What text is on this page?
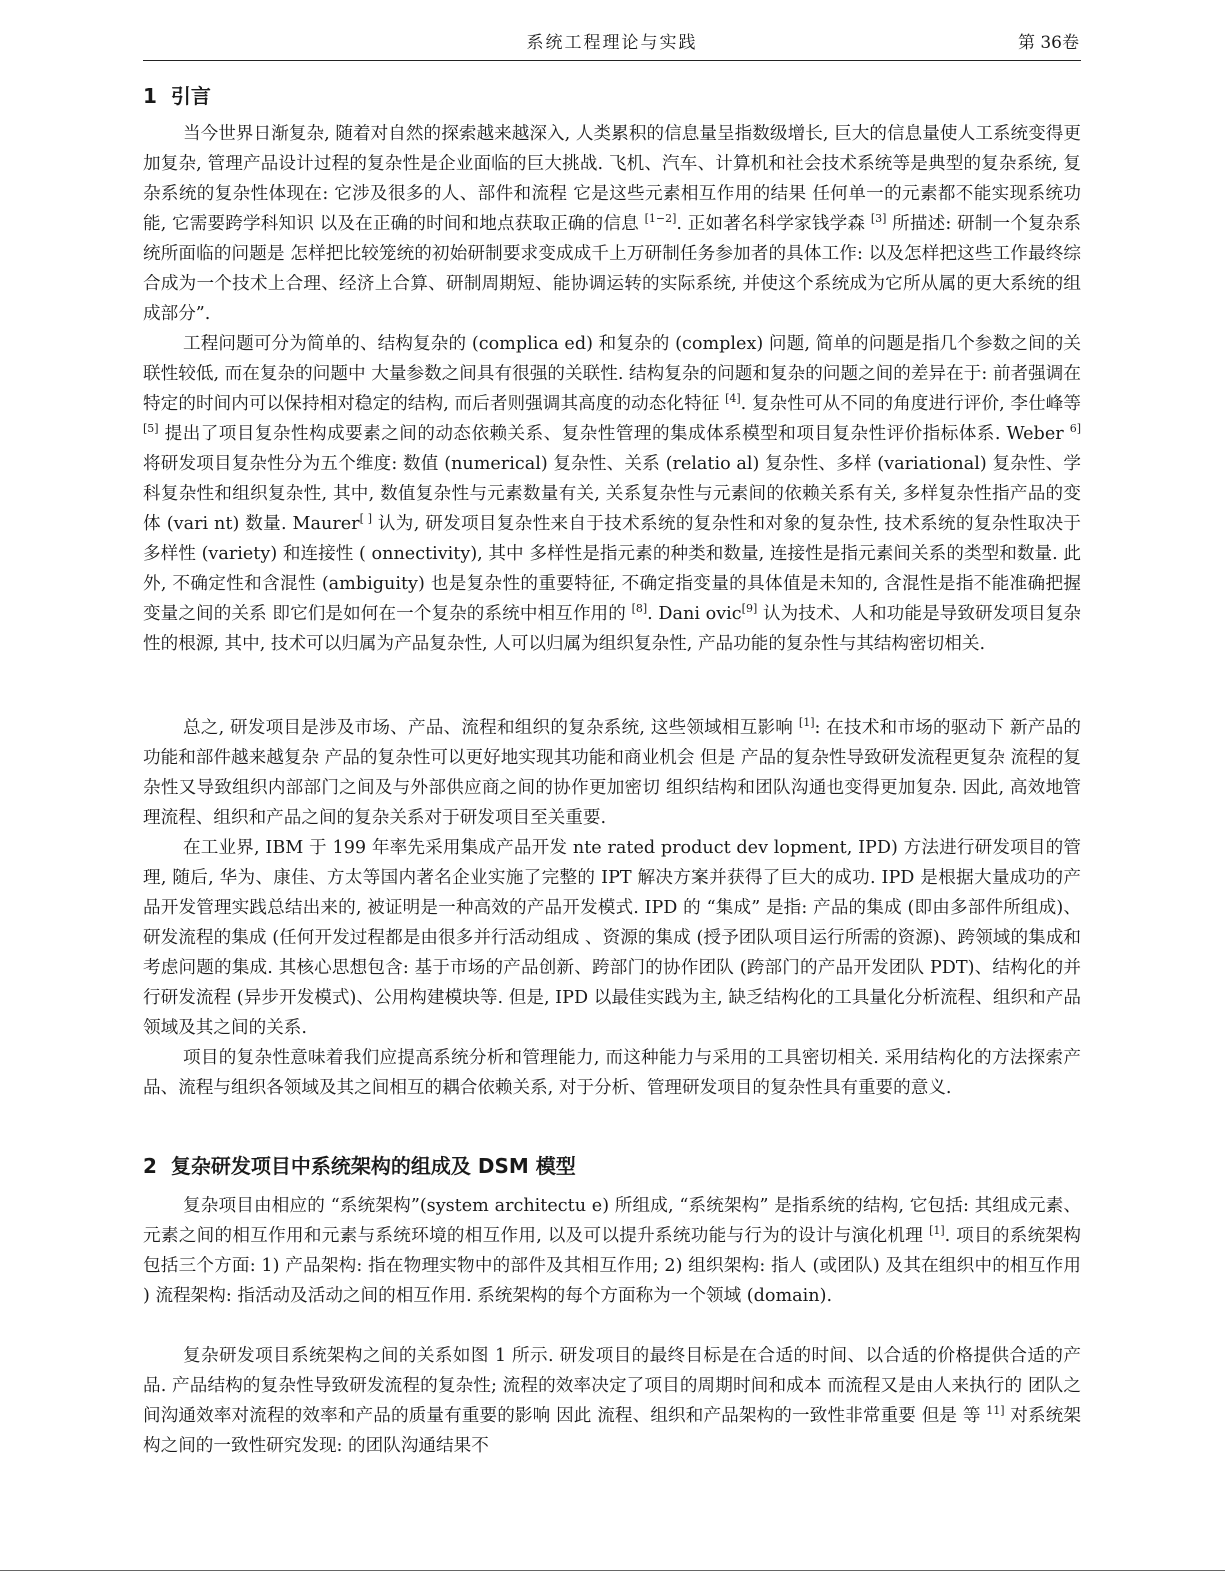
系统工程理论与实践	第 36卷
1 引言

当今世界日渐复杂, 随着对自然的探索越来越深入, 人类累积的信息量呈指数级增长, 巨大的信息量使人工系统变得更加复杂, 管理产品设计过程的复杂性是企业面临的巨大挑战. 飞机、汽车、计算机和社会技术系统等是典型的复杂系统, 复杂系统的复杂性体现在: 它涉及很多的人、部件和流程 它是这些元素相互作用的结果 任何单一的元素都不能实现系统功能, 它需要跨学科知识 以及在正确的时间和地点获取正确的信息 [1−2]. 正如著名科学家钱学森 [3] 所描述: 研制一个复杂系统所面临的问题是 怎样把比较笼统的初始研制要求变成成千上万研制任务参加者的具体工作: 以及怎样把这些工作最终综合成为一个技术上合理、经济上合算、研制周期短、能协调运转的实际系统, 并使这个系统成为它所从属的更大系统的组成部分”.

工程问题可分为简单的、结构复杂的 (complica ed) 和复杂的 (complex) 问题, 简单的问题是指几个参数之间的关联性较低, 而在复杂的问题中 大量参数之间具有很强的关联性. 结构复杂的问题和复杂的问题之间的差异在于: 前者强调在特定的时间内可以保持相对稳定的结构, 而后者则强调其高度的动态化特征 [4]. 复杂性可从不同的角度进行评价, 李仕峰等 [5] 提出了项目复杂性构成要素之间的动态依赖关系、复杂性管理的集成体系模型和项目复杂性评价指标体系. Weber $^{6]}$ 将研发项目复杂性分为五个维度: 数值 (numerical) 复杂性、关系 (relatio al) 复杂性、多样 (variational) 复杂性、学科复杂性和组织复杂性, 其中, 数值复杂性与元素数量有关, 关系复杂性与元素间的依赖关系有关, 多样复杂性指产品的变体 (vari nt) 数量. Maurer[ ] 认为, 研发项目复杂性来自于技术系统的复杂性和对象的复杂性, 技术系统的复杂性取决于多样性 (variety) 和连接性 ( onnectivity), 其中 多样性是指元素的种类和数量, 连接性是指元素间关系的类型和数量. 此外, 不确定性和含混性 (ambiguity) 也是复杂性的重要特征, 不确定指变量的具体值是未知的, 含混性是指不能准确把握变量之间的关系 即它们是如何在一个复杂的系统中相互作用的 [8]. Dani ovic[9] 认为技术、人和功能是导致研发项目复杂性的根源, 其中, 技术可以归属为产品复杂性, 人可以归属为组织复杂性, 产品功能的复杂性与其结构密切相关.

总之, 研发项目是涉及市场、产品、流程和组织的复杂系统, 这些领域相互影响 [1]: 在技术和市场的驱动下 新产品的功能和部件越来越复杂 产品的复杂性可以更好地实现其功能和商业机会 但是 产品的复杂性导致研发流程更复杂 流程的复杂性又导致组织内部部门之间及与外部供应商之间的协作更加密切 组织结构和团队沟通也变得更加复杂. 因此, 高效地管理流程、组织和产品之间的复杂关系对于研发项目至关重要.

在工业界, IBM 于 199 年率先采用集成产品开发 nte rated product dev lopment, IPD) 方法进行研发项目的管理, 随后, 华为、康佳、方太等国内著名企业实施了完整的 IPT 解决方案并获得了巨大的成功. IPD 是根据大量成功的产品开发管理实践总结出来的, 被证明是一种高效的产品开发模式. IPD 的 “集成” 是指: 产品的集成 (即由多部件所组成)、研发流程的集成 (任何开发过程都是由很多并行活动组成 、资源的集成 (授予团队项目运行所需的资源)、跨领域的集成和考虑问题的集成. 其核心思想包含: 基于市场的产品创新、跨部门的协作团队 (跨部门的产品开发团队 PDT)、结构化的并行研发流程 (异步开发模式)、公用构建模块等. 但是, IPD 以最佳实践为主, 缺乏结构化的工具量化分析流程、组织和产品领域及其之间的关系.

项目的复杂性意味着我们应提高系统分析和管理能力, 而这种能力与采用的工具密切相关. 采用结构化的方法探索产品、流程与组织各领域及其之间相互的耦合依赖关系, 对于分析、管理研发项目的复杂性具有重要的意义.

2 复杂研发项目中系统架构的组成及 DSM 模型

复杂项目由相应的 “系统架构”(system architectu e) 所组成, “系统架构” 是指系统的结构, 它包括: 其组成元素、元素之间的相互作用和元素与系统环境的相互作用, 以及可以提升系统功能与行为的设计与演化机理 [1]. 项目的系统架构包括三个方面: 1) 产品架构: 指在物理实物中的部件及其相互作用; 2) 组织架构: 指人 (或团队) 及其在组织中的相互作用 ) 流程架构: 指活动及活动之间的相互作用. 系统架构的每个方面称为一个领域 (domain).

复杂研发项目系统架构之间的关系如图 1 所示. 研发项目的最终目标是在合适的时间、以合适的价格提供合适的产品. 产品结构的复杂性导致研发流程的复杂性; 流程的效率决定了项目的周期时间和成本 而流程又是由人来执行的 团队之间沟通效率对流程的效率和产品的质量有重要的影响 因此 流程、组织和产品架构的一致性非常重要 但是 等 $^{11]}$ 对系统架构之间的一致性研究发现: 的团队沟通结果不
